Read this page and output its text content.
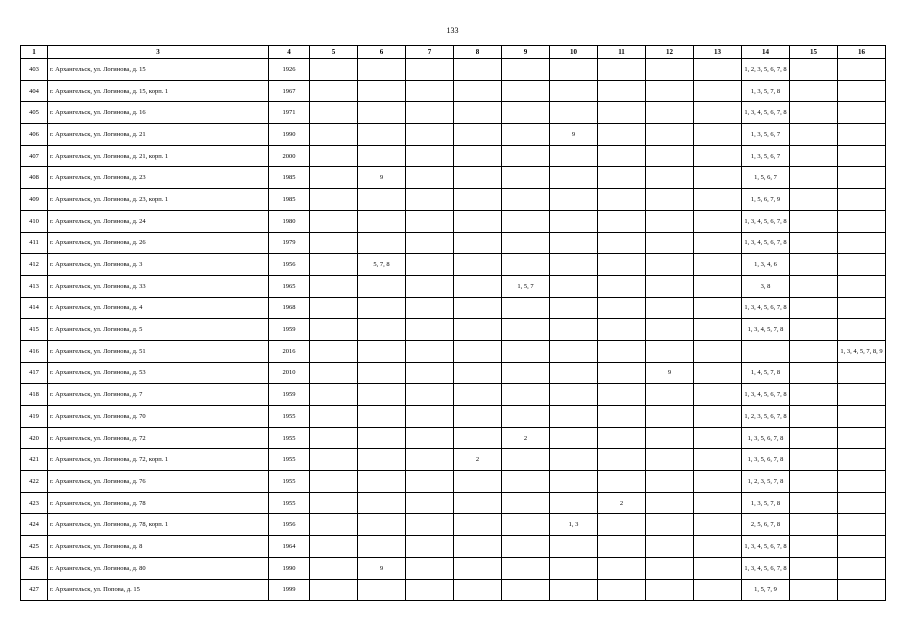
133
1	3	4	5	6	7	8	9	10	11	12	13	14	15	16
403	г. Архангельск, ул. Логинова, д. 15	1926										1, 2, 3, 5, 6, 7, 8		
404	г. Архангельск, ул. Логинова, д. 15, корп. 1	1967										1, 3, 5, 7, 8		
405	г. Архангельск, ул. Логинова, д. 16	1971										1, 3, 4, 5, 6, 7, 8		
406	г. Архангельск, ул. Логинова, д. 21	1990						9				1, 3, 5, 6, 7		
407	г. Архангельск, ул. Логинова, д. 21, корп. 1	2000										1, 3, 5, 6, 7		
408	г. Архангельск, ул. Логинова, д. 23	1985		9								1, 5, 6, 7		
409	г. Архангельск, ул. Логинова, д. 23, корп. 1	1985										1, 5, 6, 7, 9		
410	г. Архангельск, ул. Логинова, д. 24	1980										1, 3, 4, 5, 6, 7, 8		
411	г. Архангельск, ул. Логинова, д. 26	1979										1, 3, 4, 5, 6, 7, 8		
412	г. Архангельск, ул. Логинова, д. 3	1956		5, 7, 8								1, 3, 4, 6		
413	г. Архангельск, ул. Логинова, д. 33	1965					1, 5, 7					3, 8		
414	г. Архангельск, ул. Логинова, д. 4	1968										1, 3, 4, 5, 6, 7, 8		
415	г. Архангельск, ул. Логинова, д. 5	1959										1, 3, 4, 5, 7, 8		
416	г. Архангельск, ул. Логинова, д. 51	2016												1, 3, 4, 5, 7, 8, 9
417	г. Архангельск, ул. Логинова, д. 53	2010								9		1, 4, 5, 7, 8		
418	г. Архангельск, ул. Логинова, д. 7	1959										1, 3, 4, 5, 6, 7, 8		
419	г. Архангельск, ул. Логинова, д. 70	1955										1, 2, 3, 5, 6, 7, 8		
420	г. Архангельск, ул. Логинова, д. 72	1955					2					1, 3, 5, 6, 7, 8		
421	г. Архангельск, ул. Логинова, д. 72, корп. 1	1955				2						1, 3, 5, 6, 7, 8		
422	г. Архангельск, ул. Логинова, д. 76	1955										1, 2, 3, 5, 7, 8		
423	г. Архангельск, ул. Логинова, д. 78	1955							2			1, 3, 5, 7, 8		
424	г. Архангельск, ул. Логинова, д. 78, корп. 1	1956						1, 3				2, 5, 6, 7, 8		
425	г. Архангельск, ул. Логинова, д. 8	1964										1, 3, 4, 5, 6, 7, 8		
426	г. Архангельск, ул. Логинова, д. 80	1990		9								1, 3, 4, 5, 6, 7, 8		
427	г. Архангельск, ул. Попова, д. 15	1999										1, 5, 7, 9		
